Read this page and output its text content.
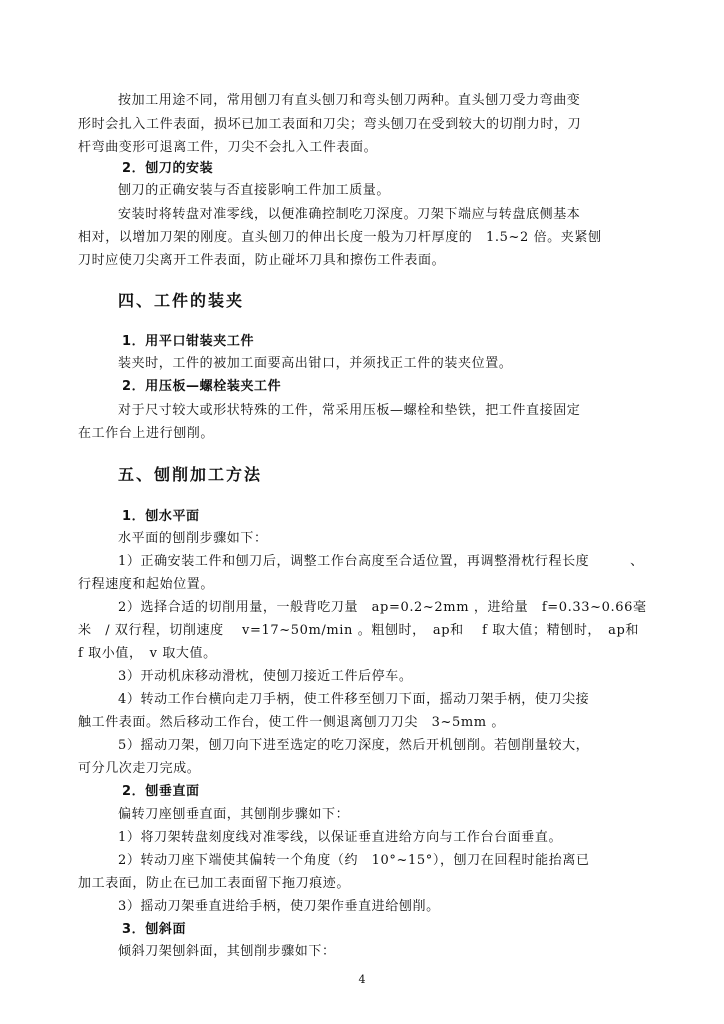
按加工用途不同，常用刨刀有直头刨刀和弯头刨刀两种。直头刨刀受力弯曲变
形时会扎入工件表面，损坏已加工表面和刀尖；弯头刨刀在受到较大的切削力时，刀
杆弯曲变形可退离工件，刀尖不会扎入工件表面。
2．刨刀的安装
刨刀的正确安装与否直接影响工件加工质量。
安装时将转盘对准零线，以便准确控制吃刀深度。刀架下端应与转盘底侧基本
相对，以增加刀架的刚度。直头刨刀的伸出长度一般为刀杆厚度的　1.5~2 倍。夹紧刨
刀时应使刀尖离开工件表面，防止碰坏刀具和擦伤工件表面。
四、工件的装夹
1．用平口钳装夹工件
装夹时，工件的被加工面要高出钳口，并须找正工件的装夹位置。
2．用压板—螺栓装夹工件
对于尺寸较大或形状特殊的工件，常采用压板—螺栓和垫铁，把工件直接固定
在工作台上进行刨削。
五、刨削加工方法
1．刨水平面
水平面的刨削步骤如下：
1）正确安装工件和刨刀后，调整工作台高度至合适位置，再调整滑枕行程长度　　　、
行程速度和起始位置。
2）选择合适的切削用量，一般背吃刀量　ap=0.2~2mm ，进给量　f=0.33~0.66毫
米　/ 双行程，切削速度　 v=17~50m/min 。粗刨时，　ap和　 f 取大值；精刨时，　ap和
f 取小值，　v 取大值。
3）开动机床移动滑枕，使刨刀接近工件后停车。
4）转动工作台横向走刀手柄，使工件移至刨刀下面，摇动刀架手柄，使刀尖接
触工件表面。然后移动工作台，使工件一侧退离刨刀刀尖　3~5mm 。
5）摇动刀架，刨刀向下进至选定的吃刀深度，然后开机刨削。若刨削量较大，
可分几次走刀完成。
2．刨垂直面
偏转刀座刨垂直面，其刨削步骤如下：
1）将刀架转盘刻度线对准零线，以保证垂直进给方向与工作台台面垂直。
2）转动刀座下端使其偏转一个角度（约　10°~15°），刨刀在回程时能抬离已
加工表面，防止在已加工表面留下拖刀痕迹。
3）摇动刀架垂直进给手柄，使刀架作垂直进给刨削。
3．刨斜面
倾斜刀架刨斜面，其刨削步骤如下：
4
